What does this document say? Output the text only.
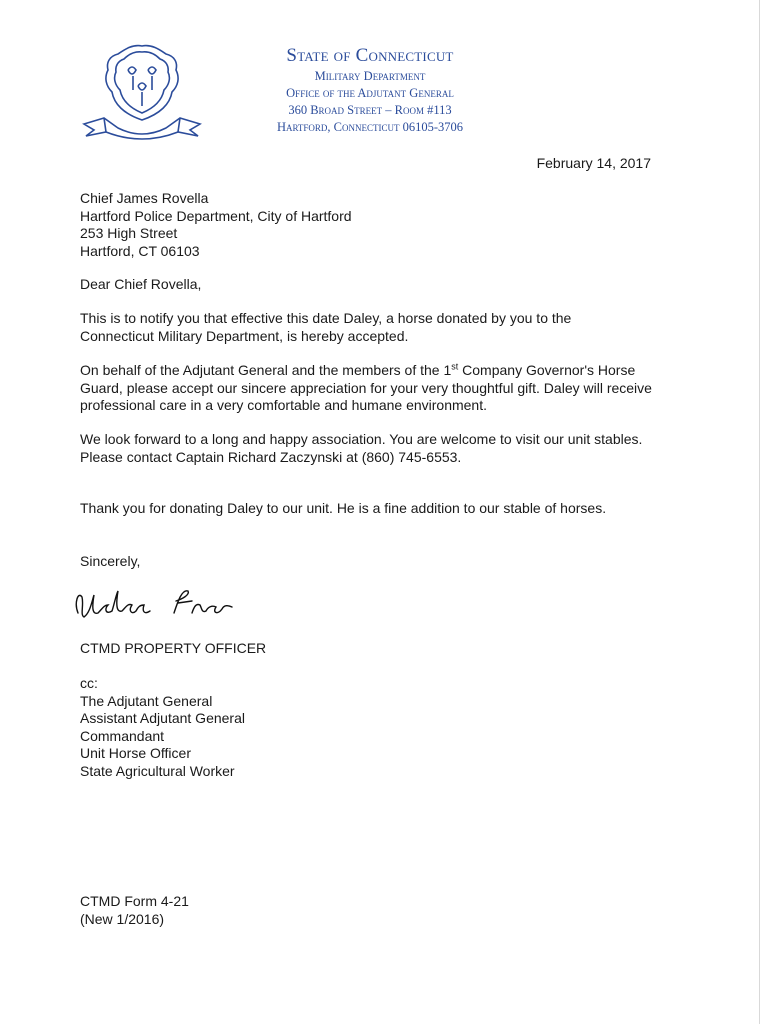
State of Connecticut
Military Department
Office of the Adjutant General
360 Broad Street – Room #113
Hartford, Connecticut 06105-3706
February 14, 2017
Chief James Rovella
Hartford Police Department, City of Hartford
253 High Street
Hartford, CT 06103
Dear Chief Rovella,
This is to notify you that effective this date Daley, a horse donated by you to the Connecticut Military Department, is hereby accepted.
On behalf of the Adjutant General and the members of the 1st Company Governor's Horse Guard, please accept our sincere appreciation for your very thoughtful gift. Daley will receive professional care in a very comfortable and humane environment.
We look forward to a long and happy association. You are welcome to visit our unit stables. Please contact Captain Richard Zaczynski at (860) 745-6553.
Thank you for donating Daley to our unit. He is a fine addition to our stable of horses.
Sincerely,
CTMD PROPERTY OFFICER
cc:
The Adjutant General
Assistant Adjutant General
Commandant
Unit Horse Officer
State Agricultural Worker
CTMD Form 4-21
(New 1/2016)
